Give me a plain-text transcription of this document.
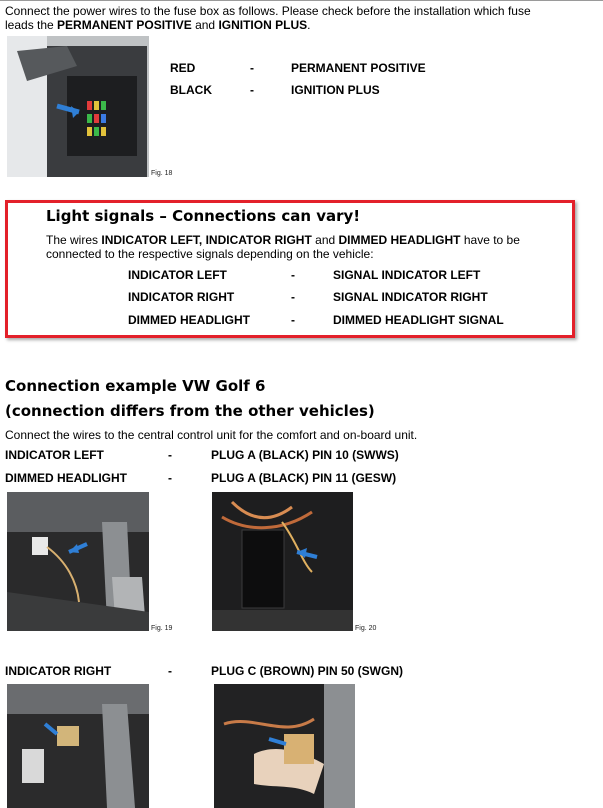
Connect the power wires to the fuse box as follows. Please check before the installation which fuse
leads the PERMANENT POSITIVE and IGNITION PLUS.
Fig. 18
RED	-	PERMANENT POSITIVE
BLACK	-	IGNITION PLUS
Light signals – Connections can vary!
The wires INDICATOR LEFT, INDICATOR RIGHT and DIMMED HEADLIGHT have to be
connected to the respective signals depending on the vehicle:
INDICATOR LEFT	-	SIGNAL INDICATOR LEFT
INDICATOR RIGHT	-	SIGNAL INDICATOR RIGHT
DIMMED HEADLIGHT	-	DIMMED HEADLIGHT SIGNAL
Connection example VW Golf 6
(connection differs from the other vehicles)
Connect the wires to the central control unit for the comfort and on-board unit.
INDICATOR LEFT	-	PLUG A (BLACK) PIN 10 (SWWS)
DIMMED HEADLIGHT	-	PLUG A (BLACK) PIN 11 (GESW)
Fig. 19	Fig. 20
INDICATOR RIGHT	-	PLUG C (BROWN) PIN 50 (SWGN)
